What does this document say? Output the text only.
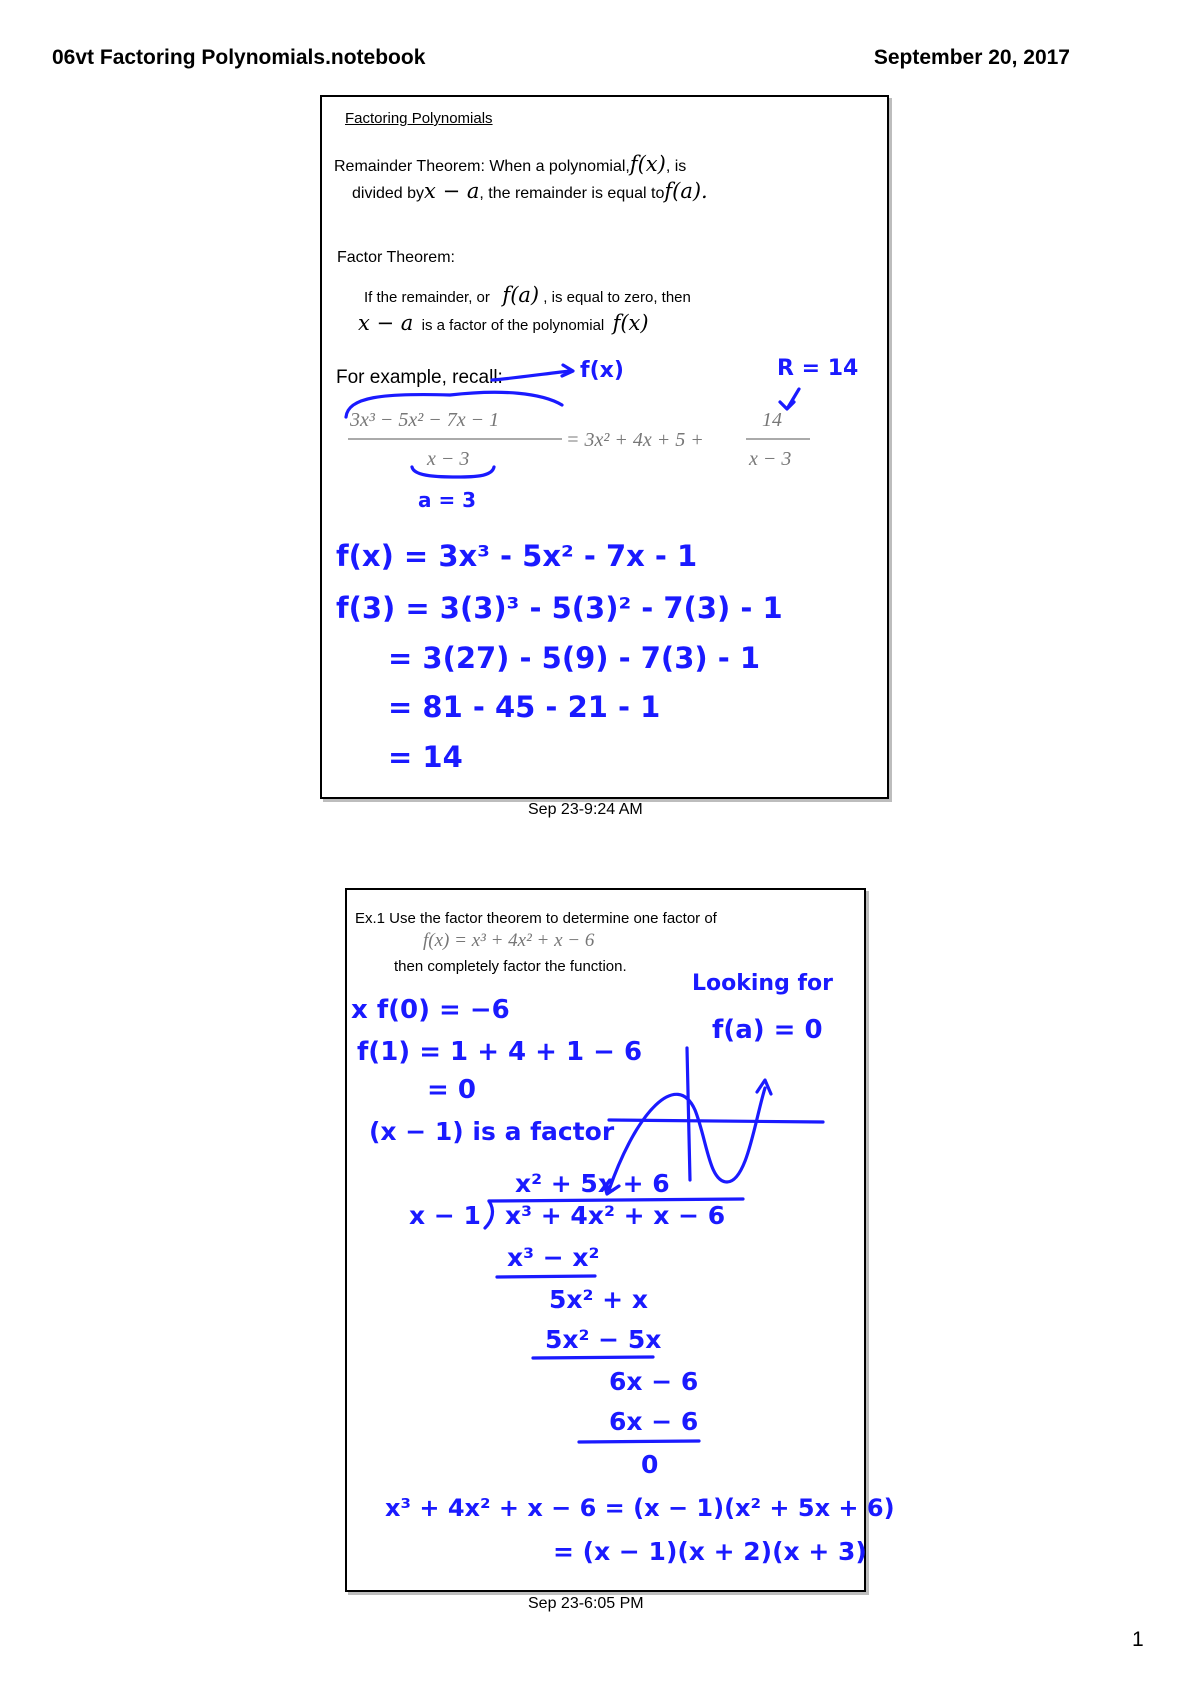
06vt Factoring Polynomials.notebook	September 20, 2017
Factoring Polynomials
Remainder Theorem: When a polynomial,f(x), is
divided byx − a, the remainder is equal tof(a).
Factor Theorem:
If the remainder, or f(a) , is equal to zero, then
x − a is a factor of the polynomial f(x)
For example, recall:
3x³ − 5x² − 7x − 1
x − 3
= 3x² + 4x + 5 +
14
x − 3
f(x)	R = 14
a = 3
f(x) = 3x³ - 5x² - 7x - 1
f(3) = 3(3)³ - 5(3)² - 7(3) - 1
= 3(27) - 5(9) - 7(3) - 1
= 81 - 45 - 21 - 1
= 14
Sep 23-9:24 AM
Ex.1 Use the factor theorem to determine one factor of
f(x) = x³ + 4x² + x − 6
then completely factor the function.
x f(0) = −6
f(1) = 1 + 4 + 1 − 6
= 0
(x − 1) is a factor
Looking for
f(a) = 0
x² + 5x + 6
x − 1 x³ + 4x² + x − 6
x³ − x²
5x² + x
5x² − 5x
6x − 6
6x − 6
0
x³ + 4x² + x − 6 = (x − 1)(x² + 5x + 6)
= (x − 1)(x + 2)(x + 3)
Sep 23-6:05 PM
1
